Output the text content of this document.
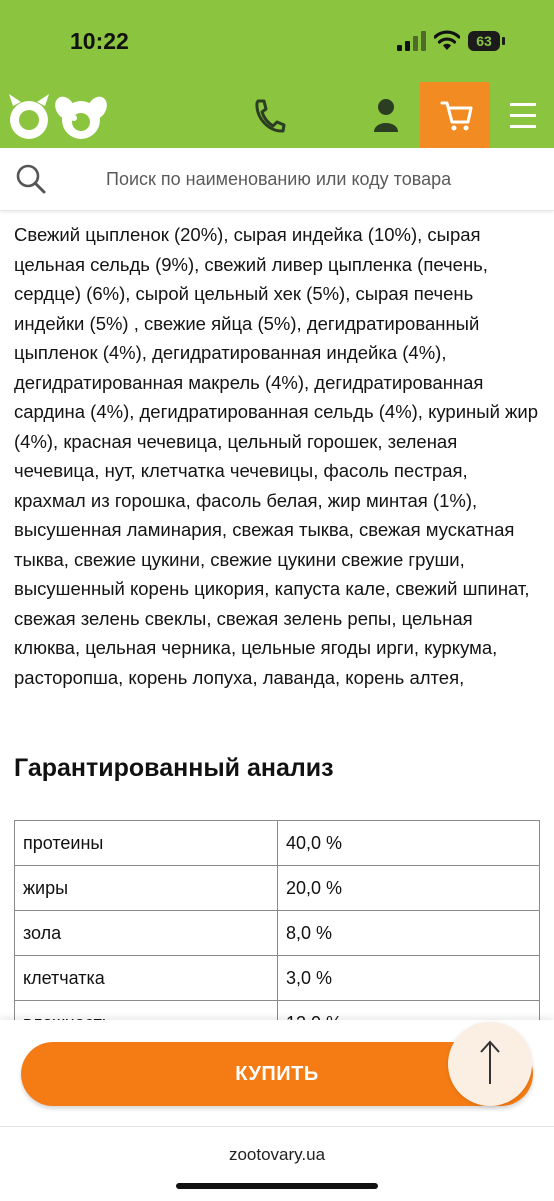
10:22	63
Поиск по наименованию или коду товара

Свежий цыпленок (20%), сырая индейка (10%), сырая цельная сельдь (9%), свежий ливер цыпленка (печень, сердце) (6%), сырой цельный хек (5%), сырая печень индейки (5%) , свежие яйца (5%), дегидратированный цыпленок (4%), дегидратированная индейка (4%), дегидратированная макрель (4%), дегидратированная сардина (4%), дегидратированная сельдь (4%), куриный жир (4%), красная чечевица, цельный горошек, зеленая чечевица, нут, клетчатка чечевицы, фасоль пестрая, крахмал из горошка, фасоль белая, жир минтая (1%), высушенная ламинария, свежая тыква, свежая мускатная тыква, свежие цукини, свежие цукини свежие груши, высушенный корень цикория, капуста кале, свежий шпинат, свежая зелень свеклы, свежая зелень репы, цельная клюква, цельная черника, цельные ягоды ирги, куркума, расторопша, корень лопуха, лаванда, корень алтея,

Гарантированный анализ
протеины	40,0 %
жиры	20,0 %
зола	8,0 %
клетчатка	3,0 %

КУПИТЬ
zootovary.ua
